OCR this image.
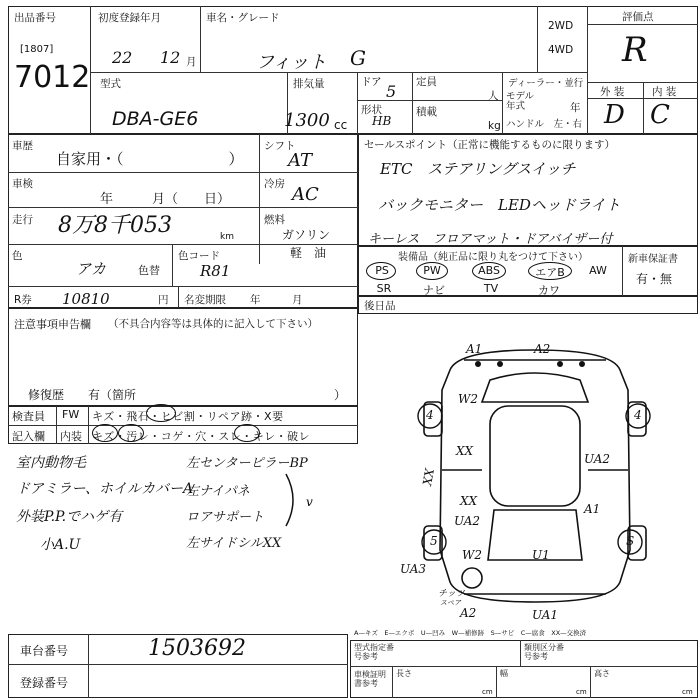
出品番号
[1807]
7012
初度登録年月
22 12 月
車名・グレード
フィット G
2WD
4WD
評価点
R
型式
DBA-GE6
排気量
1300 cc
ドア 5
形状
HB
定員
人
積載
kg
ディーラー・並行
モデル年式	年
ハンドル　左・右
外 装	内 装
D C
車歴
自家用・（　　　　　　　）
車検
年　　　月（　　日）
走行 8万8千053	km
色
アカ	色替
色コード
R81
シフト
AT
冷房 AC
燃料
ガソリン
軽　油
R券 10810	円 名変期限 年　　　月
注意事項申告欄 （不具合内容等は具体的に記入して下さい）
修復歴　　有（箇所	）
検査員
記入欄
FW キズ・飛石・ヒビ割・リペア跡・X要
内装 キズ・汚レ・コゲ・穴・スレ・キレ・破レ
室内動物毛
ドアミラー、ホイルカバーA
外装P.P.でハゲ有
小A.U
左センターピラーBP
左ナイパネ
ロアサポート
左サイドシルXX
v
セールスポイント（正常に機能するものに限ります）
ETC　ステアリングスイッチ
バックモニター　LEDヘッドライト
キーレス　フロアマット・ドアバイザー付
装備品（純正品に限り丸をつけて下さい）
PS	PW	ABS	エアB	AW
SR	ナビ	TV	カワ
新車保証書
有・無
後日品
A1	A2
W2
4	4
XX
UA2
XX
A1
UA2
XX
5
W2	U1
S
UA3
チッツ
スペア
A2	UA1
A—キズ　E—エクボ　U—凹み　W—補修跡　S—サビ　C—腐食　XX—交換済
車台番号	1503692
登録番号
型式指定番号参考
類別区分番号参考
車検証明書参考
長さ
cm
幅
cm
高さ
cm
